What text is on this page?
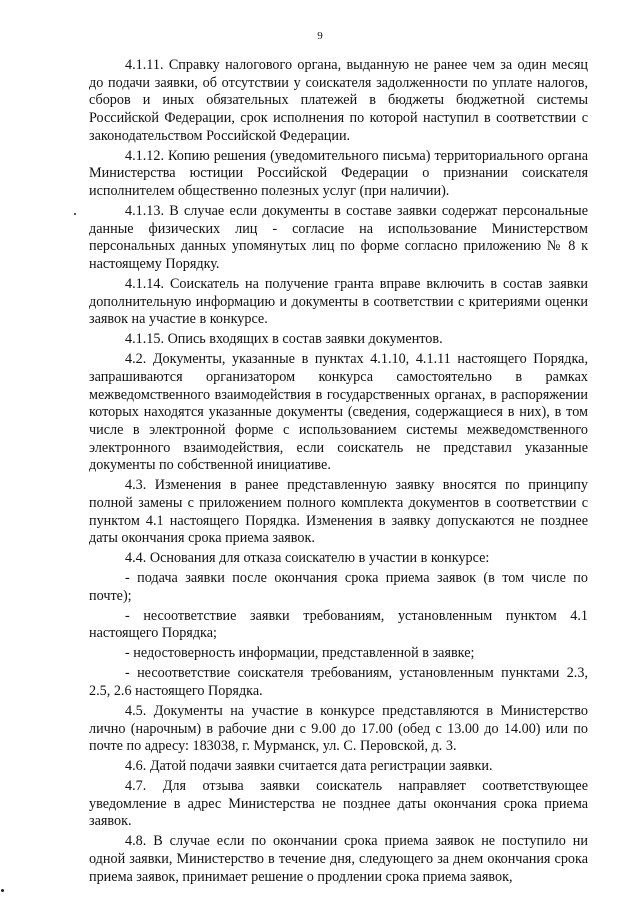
9

4.1.11. Справку налогового органа, выданную не ранее чем за один месяц до подачи заявки, об отсутствии у соискателя задолженности по уплате налогов, сборов и иных обязательных платежей в бюджеты бюджетной системы Российской Федерации, срок исполнения по которой наступил в соответствии с законодательством Российской Федерации.

4.1.12. Копию решения (уведомительного письма) территориального органа Министерства юстиции Российской Федерации о признании соискателя исполнителем общественно полезных услуг (при наличии).

4.1.13. В случае если документы в составе заявки содержат персональные данные физических лиц - согласие на использование Министерством персональных данных упомянутых лиц по форме согласно приложению № 8 к настоящему Порядку.

4.1.14. Соискатель на получение гранта вправе включить в состав заявки дополнительную информацию и документы в соответствии с критериями оценки заявок на участие в конкурсе.

4.1.15. Опись входящих в состав заявки документов.

4.2. Документы, указанные в пунктах 4.1.10, 4.1.11 настоящего Порядка, запрашиваются организатором конкурса самостоятельно в рамках межведомственного взаимодействия в государственных органах, в распоряжении которых находятся указанные документы (сведения, содержащиеся в них), в том числе в электронной форме с использованием системы межведомственного электронного взаимодействия, если соискатель не представил указанные документы по собственной инициативе.

4.3. Изменения в ранее представленную заявку вносятся по принципу полной замены с приложением полного комплекта документов в соответствии с пунктом 4.1 настоящего Порядка. Изменения в заявку допускаются не позднее даты окончания срока приема заявок.

4.4. Основания для отказа соискателю в участии в конкурсе:

- подача заявки после окончания срока приема заявок (в том числе по почте);

- несоответствие заявки требованиям, установленным пунктом 4.1 настоящего Порядка;

- недостоверность информации, представленной в заявке;

- несоответствие соискателя требованиям, установленным пунктами 2.3, 2.5, 2.6 настоящего Порядка.

4.5. Документы на участие в конкурсе представляются в Министерство лично (нарочным) в рабочие дни с 9.00 до 17.00 (обед с 13.00 до 14.00) или по почте по адресу: 183038, г. Мурманск, ул. С. Перовской, д. 3.

4.6. Датой подачи заявки считается дата регистрации заявки.

4.7. Для отзыва заявки соискатель направляет соответствующее уведомление в адрес Министерства не позднее даты окончания срока приема заявок.

4.8. В случае если по окончании срока приема заявок не поступило ни одной заявки, Министерство в течение дня, следующего за днем окончания срока приема заявок, принимает решение о продлении срока приема заявок,
